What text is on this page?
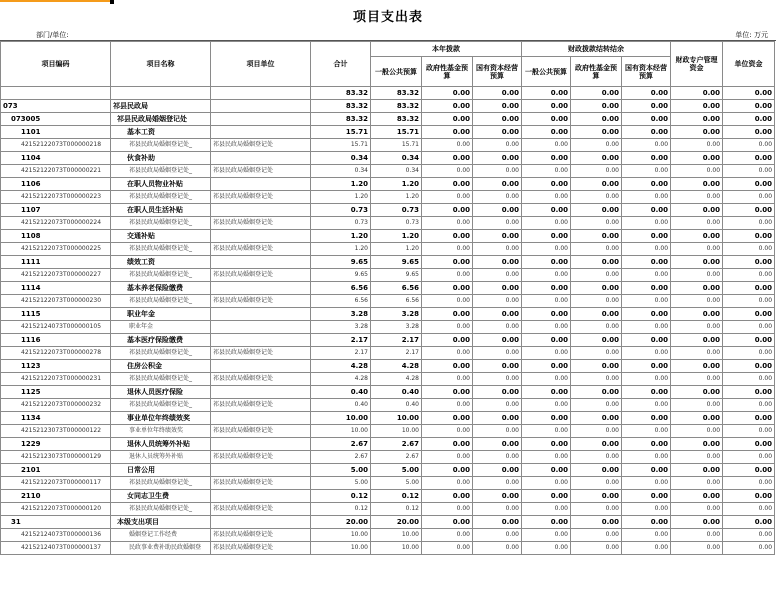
项目支出表
部门/单位:	单位: 万元
项目编码	项目名称	项目单位	合计	本年拨款			财政拨款结转结余			财政专户管理资金	单位资金
				一般公共预算	政府性基金预算	国有资本经营预算	一般公共预算	政府性基金预算	国有资本经营预算		
			83.32	83.32	0.00	0.00	0.00	0.00	0.00	0.00	0.00
073	祁县民政局		83.32	83.32	0.00	0.00	0.00	0.00	0.00	0.00	0.00
073005	祁县民政局婚姻登记处		83.32	83.32	0.00	0.00	0.00	0.00	0.00	0.00	0.00
1101	基本工资		15.71	15.71	0.00	0.00	0.00	0.00	0.00	0.00	0.00
42152122073T000000218	祁县民政局婚姻登记处_	祁县民政局婚姻登记处	15.71	15.71	0.00	0.00	0.00	0.00	0.00	0.00	0.00
1104	伙食补助		0.34	0.34	0.00	0.00	0.00	0.00	0.00	0.00	0.00
42152122073T000000221	祁县民政局婚姻登记处_	祁县民政局婚姻登记处	0.34	0.34	0.00	0.00	0.00	0.00	0.00	0.00	0.00
1106	在职人员物业补贴		1.20	1.20	0.00	0.00	0.00	0.00	0.00	0.00	0.00
42152122073T000000223	祁县民政局婚姻登记处_	祁县民政局婚姻登记处	1.20	1.20	0.00	0.00	0.00	0.00	0.00	0.00	0.00
1107	在职人员生活补贴		0.73	0.73	0.00	0.00	0.00	0.00	0.00	0.00	0.00
42152122073T000000224	祁县民政局婚姻登记处_	祁县民政局婚姻登记处	0.73	0.73	0.00	0.00	0.00	0.00	0.00	0.00	0.00
1108	交通补贴		1.20	1.20	0.00	0.00	0.00	0.00	0.00	0.00	0.00
42152122073T000000225	祁县民政局婚姻登记处_	祁县民政局婚姻登记处	1.20	1.20	0.00	0.00	0.00	0.00	0.00	0.00	0.00
1111	绩效工资		9.65	9.65	0.00	0.00	0.00	0.00	0.00	0.00	0.00
42152122073T000000227	祁县民政局婚姻登记处_	祁县民政局婚姻登记处	9.65	9.65	0.00	0.00	0.00	0.00	0.00	0.00	0.00
1114	基本养老保险缴费		6.56	6.56	0.00	0.00	0.00	0.00	0.00	0.00	0.00
42152122073T000000230	祁县民政局婚姻登记处_	祁县民政局婚姻登记处	6.56	6.56	0.00	0.00	0.00	0.00	0.00	0.00	0.00
1115	职业年金		3.28	3.28	0.00	0.00	0.00	0.00	0.00	0.00	0.00
42152124073T000000105	职业年金		3.28	3.28	0.00	0.00	0.00	0.00	0.00	0.00	0.00
1116	基本医疗保险缴费		2.17	2.17	0.00	0.00	0.00	0.00	0.00	0.00	0.00
42152122073T000000278	祁县民政局婚姻登记处_	祁县民政局婚姻登记处	2.17	2.17	0.00	0.00	0.00	0.00	0.00	0.00	0.00
1123	住房公积金		4.28	4.28	0.00	0.00	0.00	0.00	0.00	0.00	0.00
42152122073T000000231	祁县民政局婚姻登记处_	祁县民政局婚姻登记处	4.28	4.28	0.00	0.00	0.00	0.00	0.00	0.00	0.00
1125	退休人员医疗保险		0.40	0.40	0.00	0.00	0.00	0.00	0.00	0.00	0.00
42152122073T000000232	祁县民政局婚姻登记处_	祁县民政局婚姻登记处	0.40	0.40	0.00	0.00	0.00	0.00	0.00	0.00	0.00
1134	事业单位年终绩效奖		10.00	10.00	0.00	0.00	0.00	0.00	0.00	0.00	0.00
42152123073T000000122	事业单位年终绩效奖	祁县民政局婚姻登记处	10.00	10.00	0.00	0.00	0.00	0.00	0.00	0.00	0.00
1229	退休人员统筹外补贴		2.67	2.67	0.00	0.00	0.00	0.00	0.00	0.00	0.00
42152123073T000000129	退休人员统筹外补贴	祁县民政局婚姻登记处	2.67	2.67	0.00	0.00	0.00	0.00	0.00	0.00	0.00
2101	日常公用		5.00	5.00	0.00	0.00	0.00	0.00	0.00	0.00	0.00
42152122073T000000117	祁县民政局婚姻登记处_	祁县民政局婚姻登记处	5.00	5.00	0.00	0.00	0.00	0.00	0.00	0.00	0.00
2110	女同志卫生费		0.12	0.12	0.00	0.00	0.00	0.00	0.00	0.00	0.00
42152122073T000000120	祁县民政局婚姻登记处_	祁县民政局婚姻登记处	0.12	0.12	0.00	0.00	0.00	0.00	0.00	0.00	0.00
31	本级支出项目		20.00	20.00	0.00	0.00	0.00	0.00	0.00	0.00	0.00
42152124073T000000136	婚姻登记工作经费	祁县民政局婚姻登记处	10.00	10.00	0.00	0.00	0.00	0.00	0.00	0.00	0.00
42152124073T000000137	民政事业费补助民政婚姻登	祁县民政局婚姻登记处	10.00	10.00	0.00	0.00	0.00	0.00	0.00	0.00	0.00
